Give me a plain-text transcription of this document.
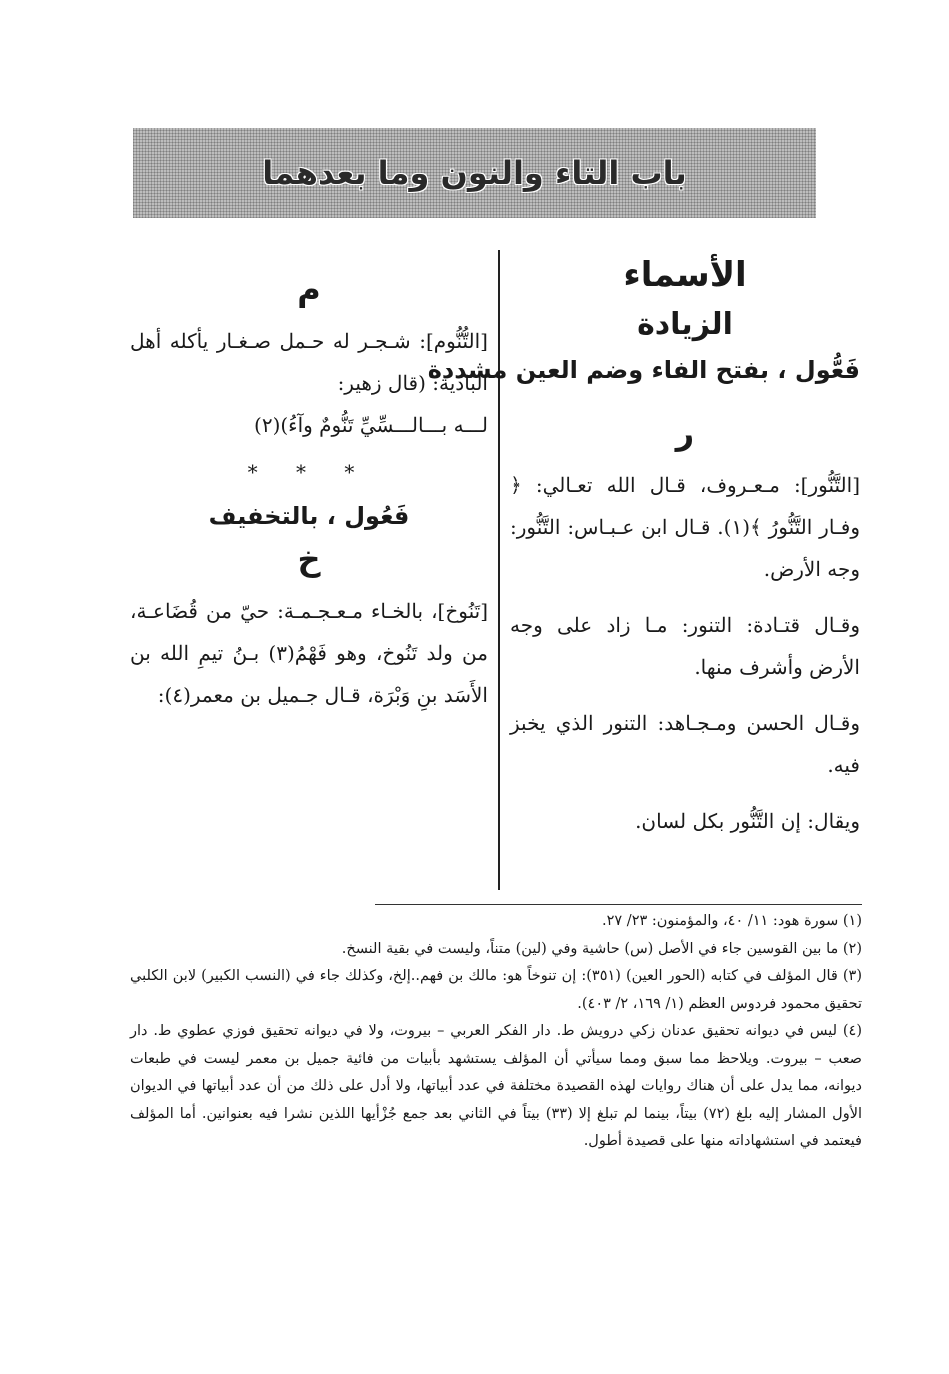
باب التاء والنون وما بعدهما
الأسماء
الزيادة
فَعُّول ، بفتح الفاء وضم العين مشددة
ر

[التَّنُّور]: مـعـروف، قـال الله تعـالي: ﴿ وفـار التَّنُّورُ ﴾(١). قـال ابن عـبـاس: التَّنُّور: وجه الأرض.

وقـال قتـادة: التنور: مـا زاد على وجه الأرض وأشرف منها.

وقـال الحسن ومـجـاهد: التنور الذي يخبز فيه.

ويقال: إن التَّنُّور بكل لسان.

م

[التُّنُّوم]: شـجـر له حـمل صـغـار يأكله أهل البادية: (قال زهير:

لـــه بـــالـــسِّيِّ تَنُّومٌ وآءُ)(٢)

* * *
فَعُول ، بالتخفيف
خ

[تَنُوخ]، بالخـاء مـعـجـمـة: حيّ من قُضَاعـة، من ولد تَنُوخ، وهو فَهْمُ(٣) بـنُ تيمِ الله بن الأَسَد بنِ وَبْرَة، قـال جـميل بن معمر(٤):

(١) سورة هود: ١١/ ٤٠، والمؤمنون: ٢٣/ ٢٧.

(٢) ما بين القوسين جاء في الأصل (س) حاشية وفي (لين) متناً، وليست في بقية النسخ.

(٣) قال المؤلف في كتابه (الحور العين) (٣٥١): إن تنوخاً هو: مالك بن فهم..إلخ، وكذلك جاء في (النسب الكبير) لابن الكلبي تحقيق محمود فردوس العظم (١/ ١٦٩، ٢/ ٤٠٣).

(٤) ليس في ديوانه تحقيق عدنان زكي درويش ط. دار الفكر العربي – بيروت، ولا في ديوانه تحقيق فوزي عطوي ط. دار صعب – بيروت. ويلاحظ مما سبق ومما سيأتي أن المؤلف يستشهد بأبيات من فائية جميل بن معمر ليست في طبعات ديوانه، مما يدل على أن هناك روايات لهذه القصيدة مختلفة في عدد أبياتها، ولا أدل على ذلك من أن عدد أبياتها في الديوان الأول المشار إليه بلغ (٧٢) بيتاً، بينما لم تبلغ إلا (٣٣) بيتاً في الثاني بعد جمع جُزْأيها اللذين نشرا فيه بعنوانين. أما المؤلف فيعتمد في استشهاداته منها على قصيدة أطول.
